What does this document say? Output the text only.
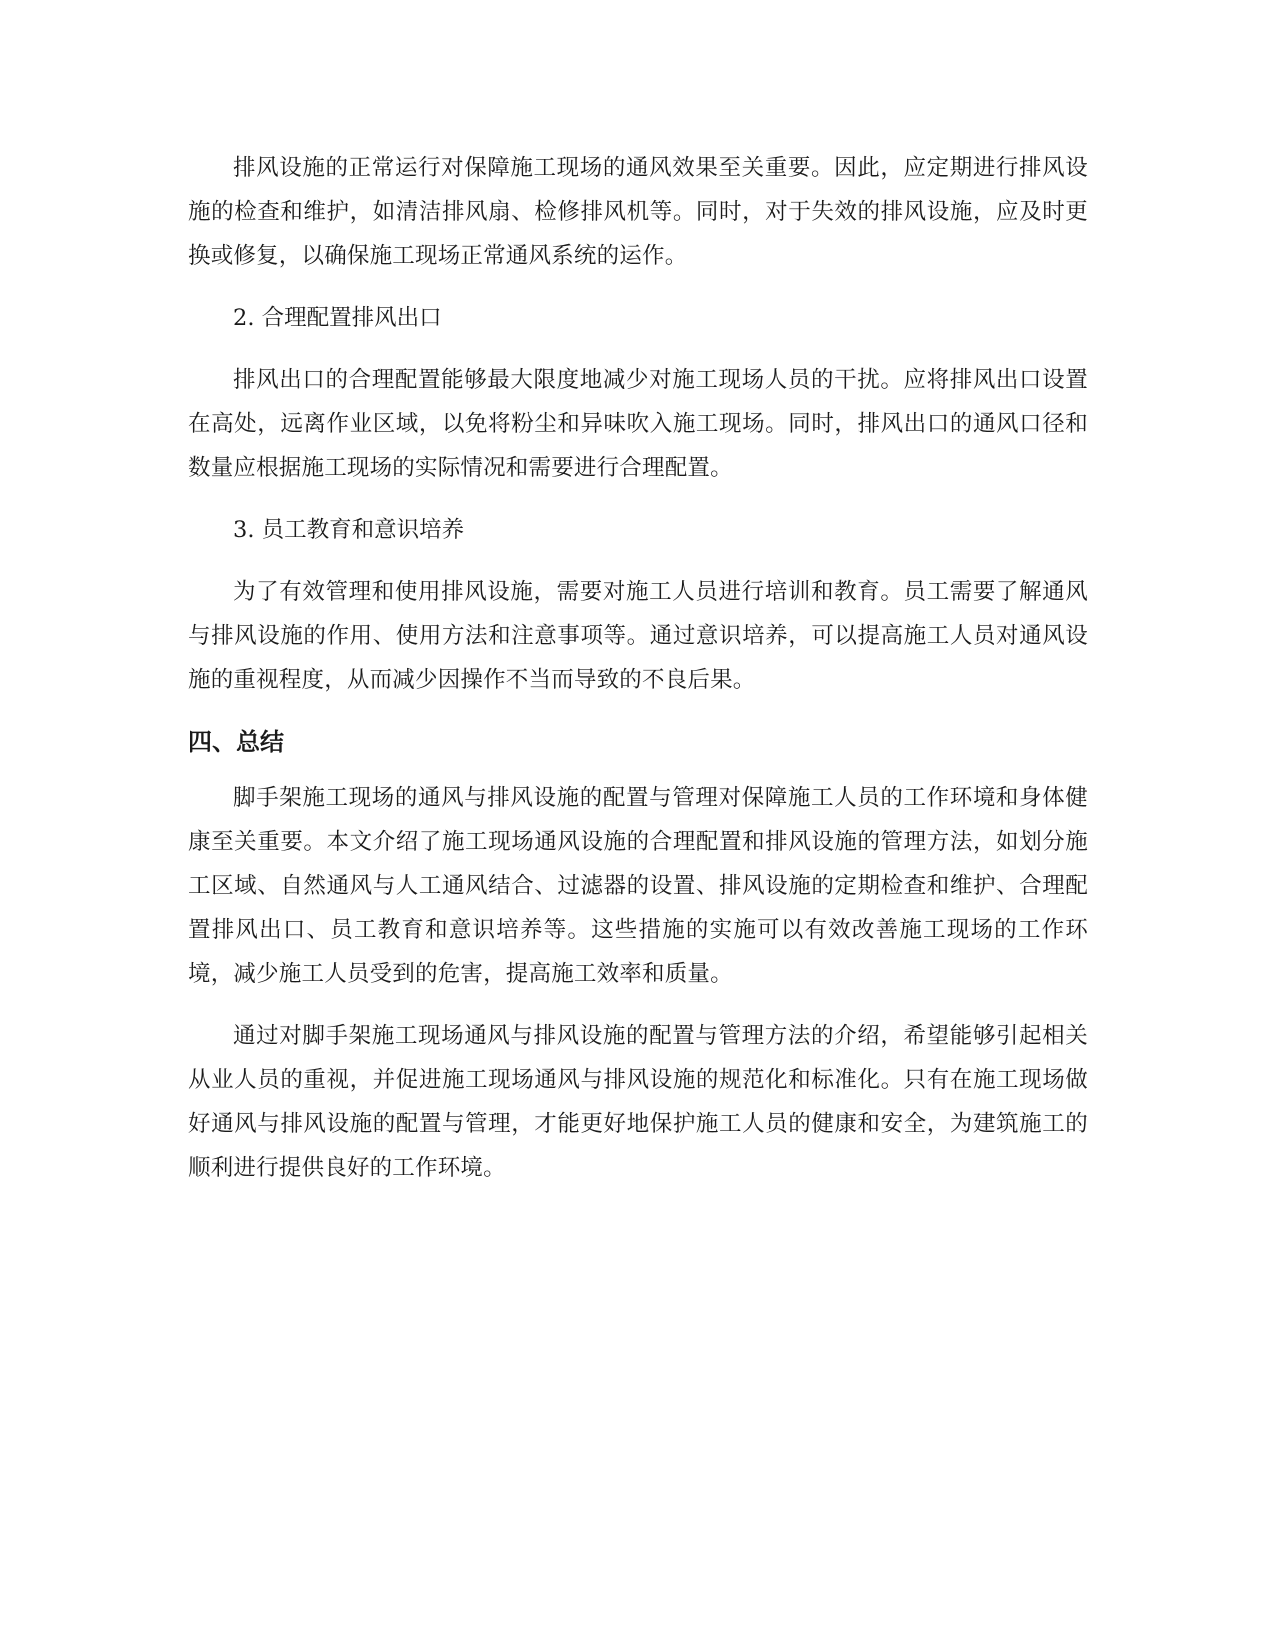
排风设施的正常运行对保障施工现场的通风效果至关重要。因此，应定期进行排风设施的检查和维护，如清洁排风扇、检修排风机等。同时，对于失效的排风设施，应及时更换或修复，以确保施工现场正常通风系统的运作。

2. 合理配置排风出口

排风出口的合理配置能够最大限度地减少对施工现场人员的干扰。应将排风出口设置在高处，远离作业区域，以免将粉尘和异味吹入施工现场。同时，排风出口的通风口径和数量应根据施工现场的实际情况和需要进行合理配置。

3. 员工教育和意识培养

为了有效管理和使用排风设施，需要对施工人员进行培训和教育。员工需要了解通风与排风设施的作用、使用方法和注意事项等。通过意识培养，可以提高施工人员对通风设施的重视程度，从而减少因操作不当而导致的不良后果。

四、总结

脚手架施工现场的通风与排风设施的配置与管理对保障施工人员的工作环境和身体健康至关重要。本文介绍了施工现场通风设施的合理配置和排风设施的管理方法，如划分施工区域、自然通风与人工通风结合、过滤器的设置、排风设施的定期检查和维护、合理配置排风出口、员工教育和意识培养等。这些措施的实施可以有效改善施工现场的工作环境，减少施工人员受到的危害，提高施工效率和质量。

通过对脚手架施工现场通风与排风设施的配置与管理方法的介绍，希望能够引起相关从业人员的重视，并促进施工现场通风与排风设施的规范化和标准化。只有在施工现场做好通风与排风设施的配置与管理，才能更好地保护施工人员的健康和安全，为建筑施工的顺利进行提供良好的工作环境。
